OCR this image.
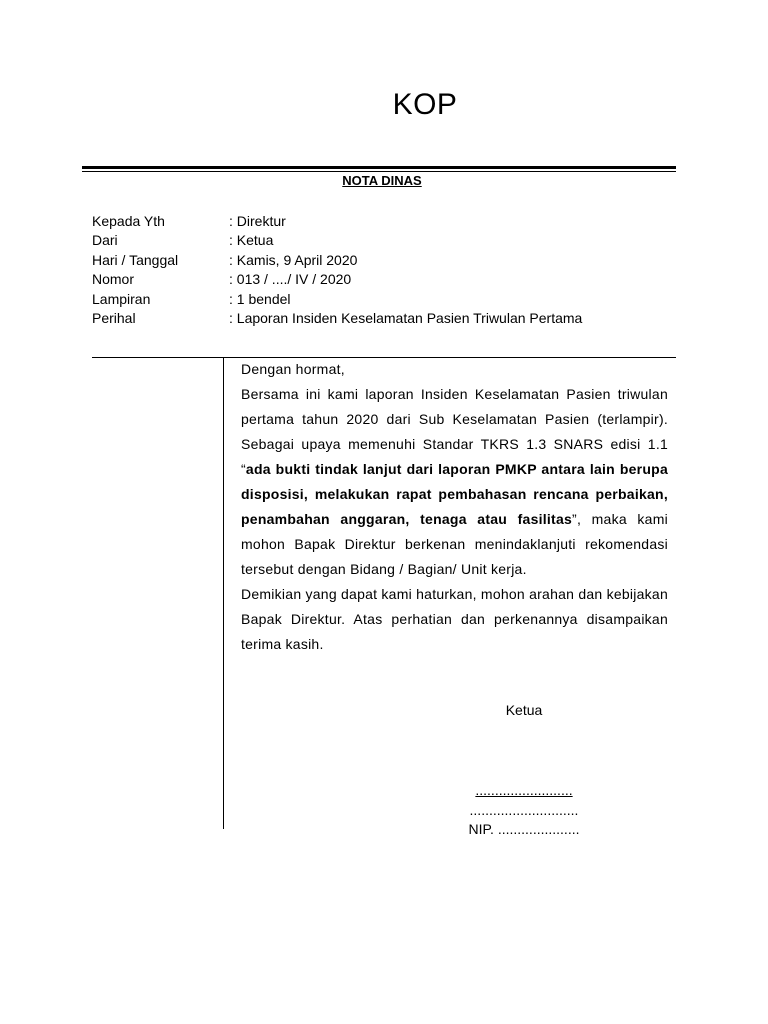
KOP
NOTA DINAS
Kepada Yth	: Direktur
Dari	: Ketua
Hari / Tanggal	: Kamis, 9 April 2020
Nomor	: 013 / ..../ IV / 2020
Lampiran	: 1 bendel
Perihal	: Laporan Insiden Keselamatan Pasien Triwulan Pertama

Dengan hormat,

Bersama ini kami laporan Insiden Keselamatan Pasien triwulan pertama tahun 2020 dari Sub Keselamatan Pasien (terlampir). Sebagai upaya memenuhi Standar TKRS 1.3 SNARS edisi 1.1 “ada bukti tindak lanjut dari laporan PMKP antara lain berupa disposisi, melakukan rapat pembahasan rencana perbaikan, penambahan anggaran, tenaga atau fasilitas”, maka kami mohon Bapak Direktur berkenan menindaklanjuti rekomendasi tersebut dengan Bidang / Bagian/ Unit kerja.

Demikian yang dapat kami haturkan, mohon arahan dan kebijakan Bapak Direktur. Atas perhatian dan perkenannya disampaikan terima kasih.

Ketua
.........................
............................
NIP. .....................
